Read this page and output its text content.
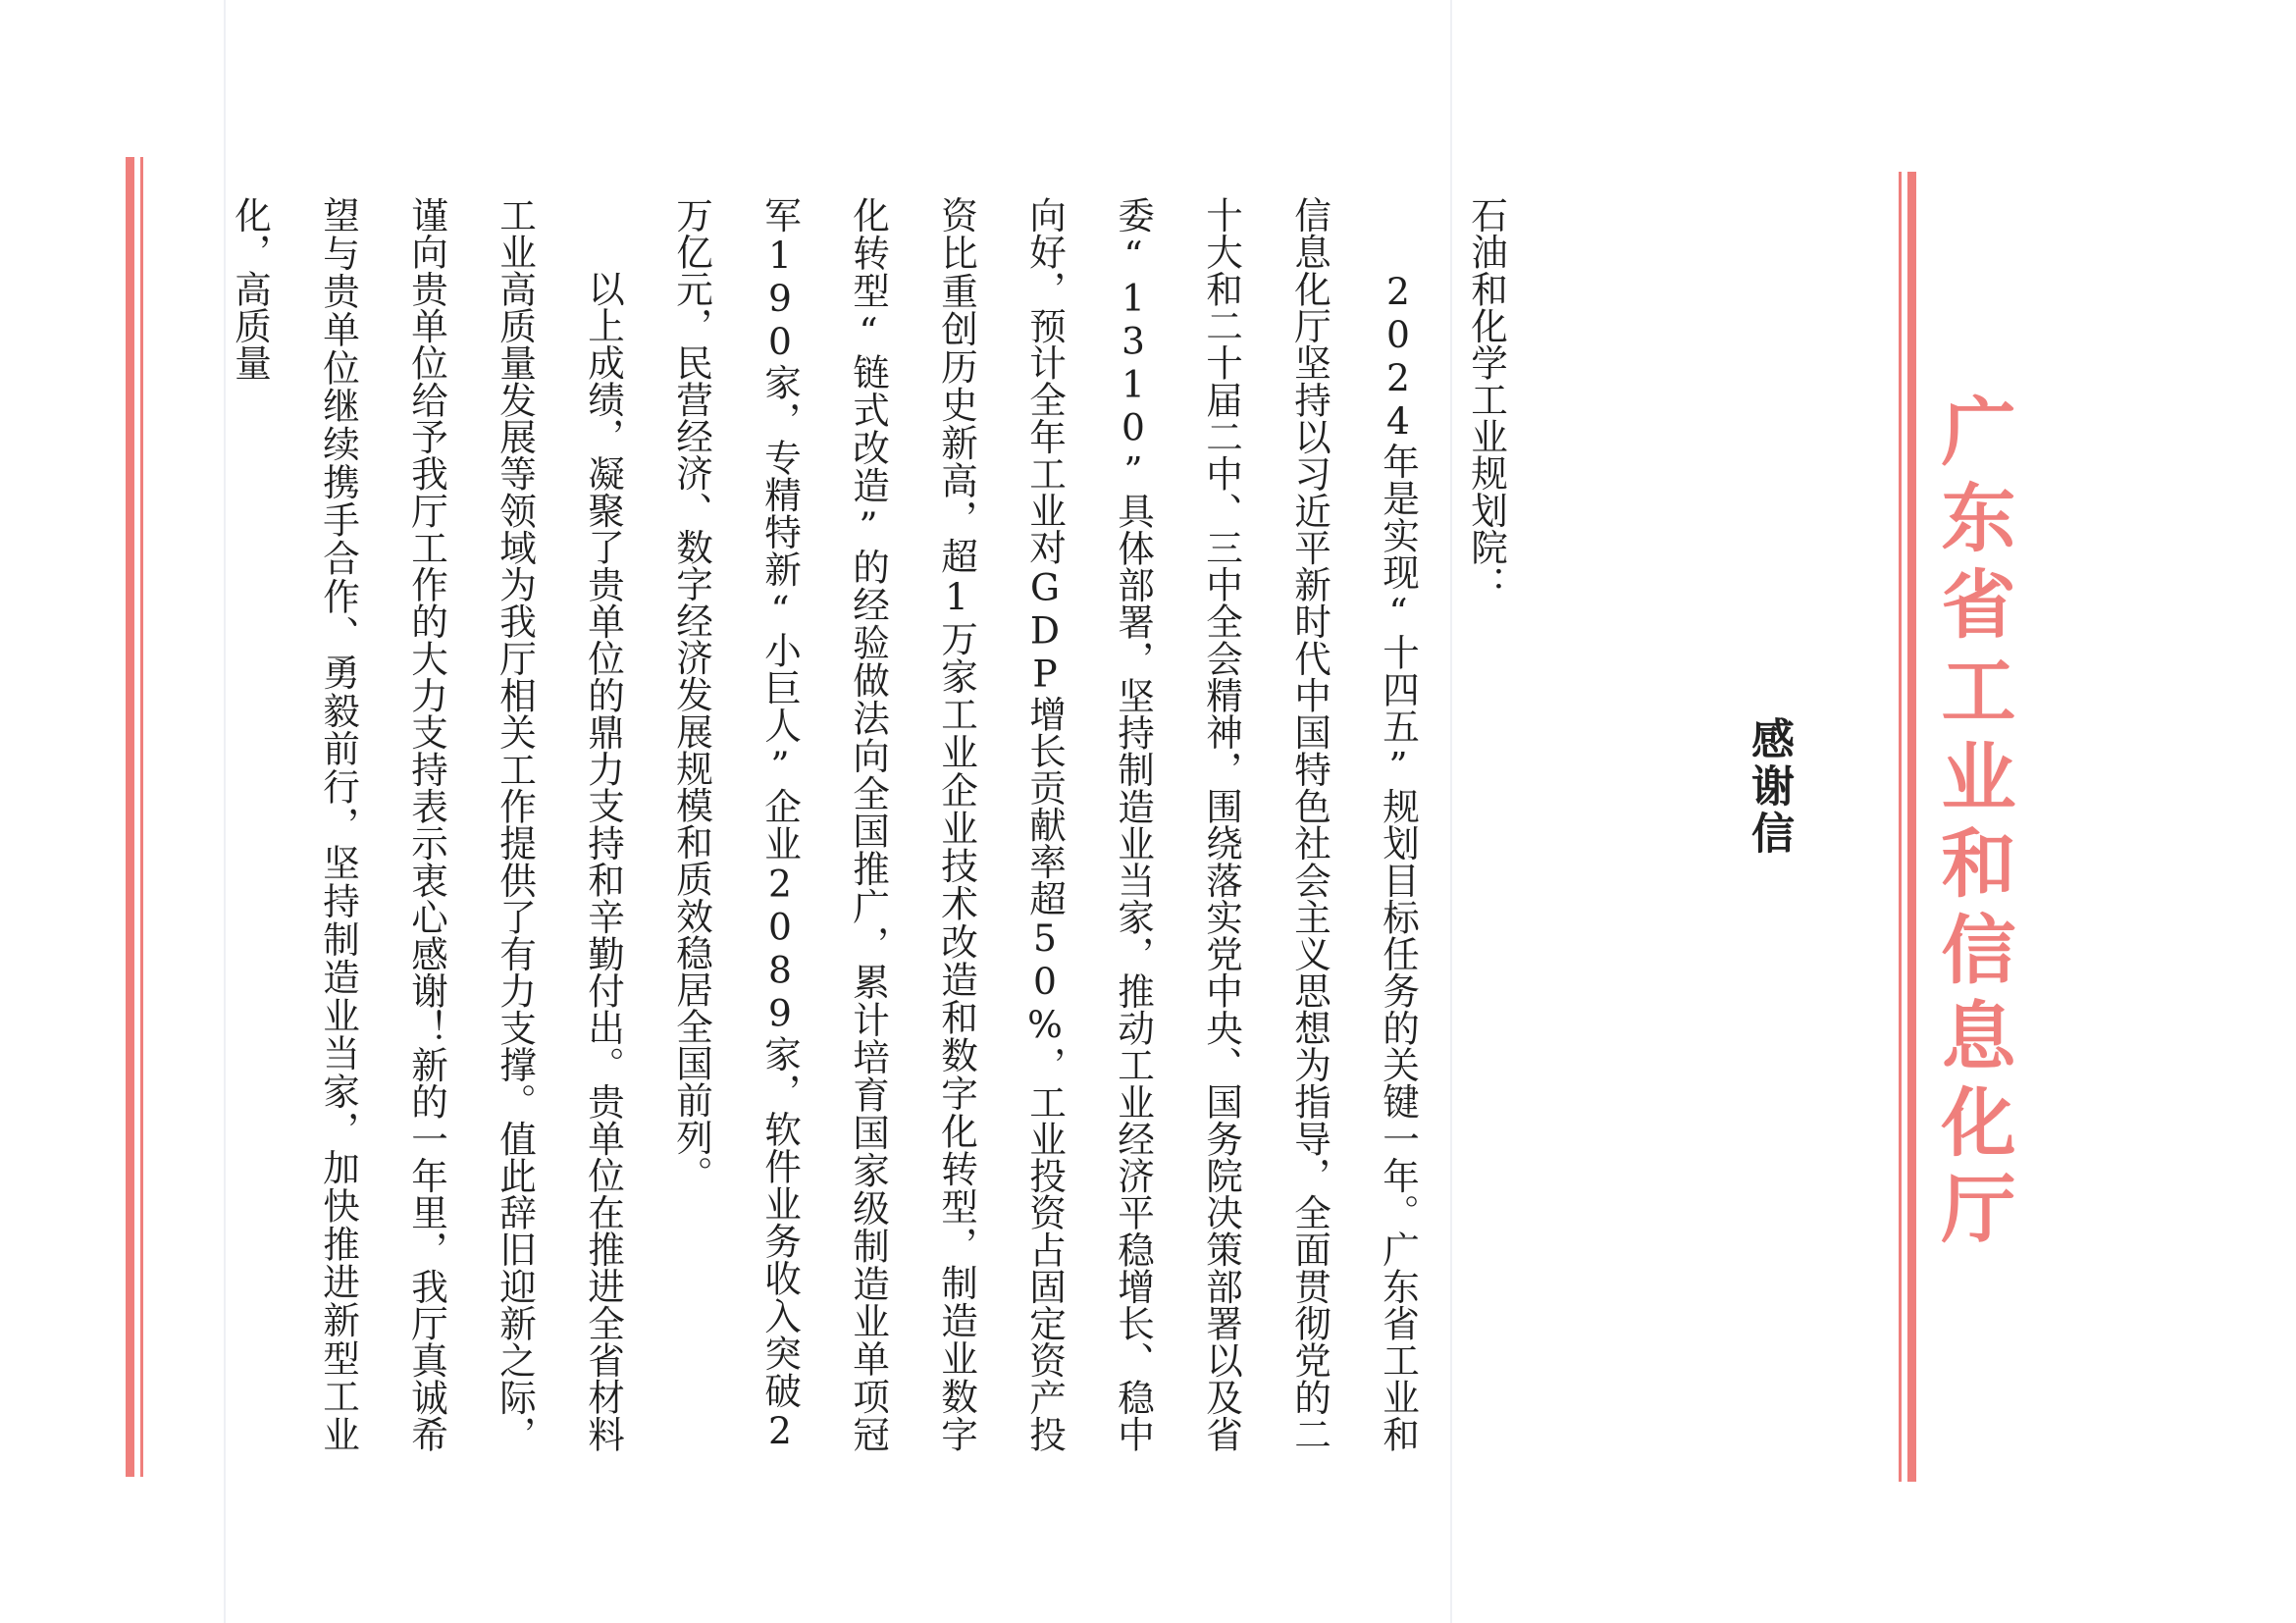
广东省工业和信息化厅
感谢信

石油和化学工业规划院：

2024年是实现“十四五”规划目标任务的关键一年。广东省工业和信息化厅坚持以习近平新时代中国特色社会主义思想为指导，全面贯彻党的二十大和二十届二中、三中全会精神，围绕落实党中央、国务院决策部署以及省委“1310”具体部署，坚持制造业当家，推动工业经济平稳增长、稳中向好，预计全年工业对GDP增长贡献率超50%，工业投资占固定资产投资比重创历史新高，超1万家工业企业技术改造和数字化转型，制造业数字化转型“链式改造”的经验做法向全国推广，累计培育国家级制造业单项冠军190家，专精特新“小巨人”企业2089家，软件业务收入突破2万亿元，民营经济、数字经济发展规模和质效稳居全国前列。

以上成绩，凝聚了贵单位的鼎力支持和辛勤付出。贵单位在推进全省材料工业高质量发展等领域为我厅相关工作提供了有力支撑。值此辞旧迎新之际，谨向贵单位给予我厅工作的大力支持表示衷心感谢！新的一年里，我厅真诚希望与贵单位继续携手合作、勇毅前行，坚持制造业当家，加快推进新型工业化，高质量
